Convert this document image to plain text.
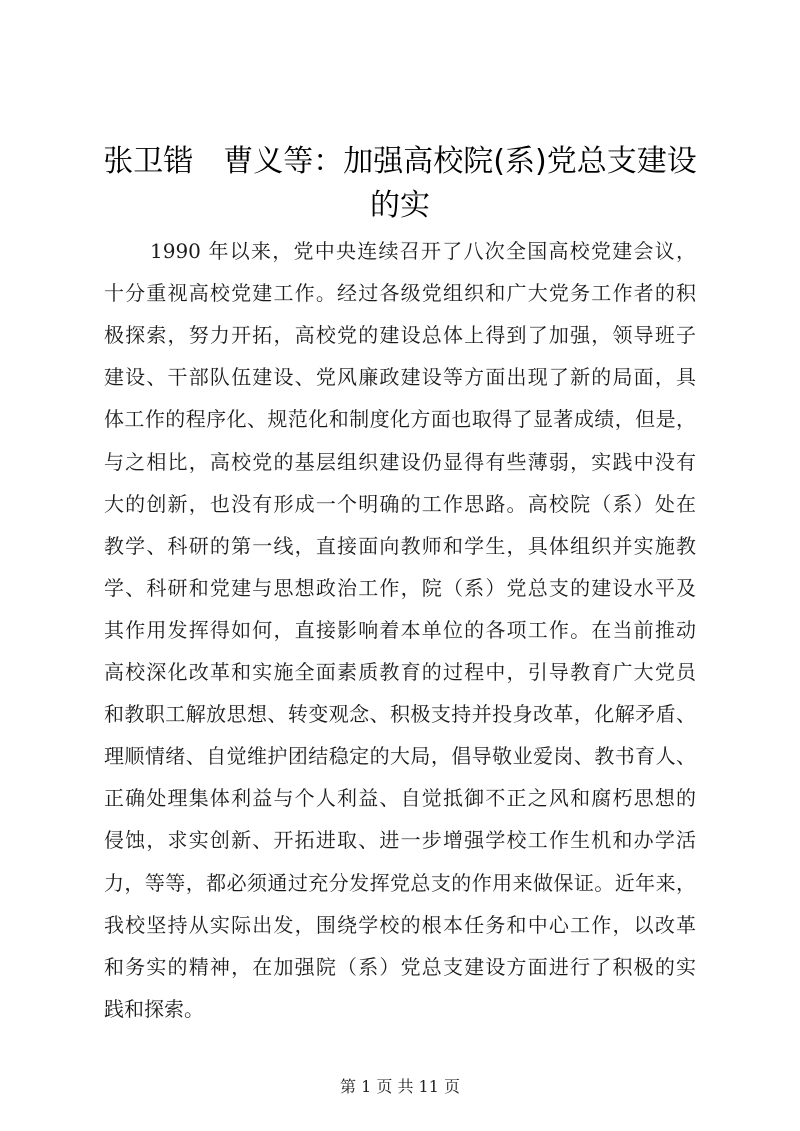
张卫锴　曹义等：加强高校院(系)党总支建设
的实
1990 年以来，党中央连续召开了八次全国高校党建会议，
十分重视高校党建工作。经过各级党组织和广大党务工作者的积
极探索，努力开拓，高校党的建设总体上得到了加强，领导班子
建设、干部队伍建设、党风廉政建设等方面出现了新的局面，具
体工作的程序化、规范化和制度化方面也取得了显著成绩，但是，
与之相比，高校党的基层组织建设仍显得有些薄弱，实践中没有
大的创新，也没有形成一个明确的工作思路。高校院（系）处在
教学、科研的第一线，直接面向教师和学生，具体组织并实施教
学、科研和党建与思想政治工作，院（系）党总支的建设水平及
其作用发挥得如何，直接影响着本单位的各项工作。在当前推动
高校深化改革和实施全面素质教育的过程中，引导教育广大党员
和教职工解放思想、转变观念、积极支持并投身改革，化解矛盾、
理顺情绪、自觉维护团结稳定的大局，倡导敬业爱岗、教书育人、
正确处理集体利益与个人利益、自觉抵御不正之风和腐朽思想的
侵蚀，求实创新、开拓进取、进一步增强学校工作生机和办学活
力，等等，都必须通过充分发挥党总支的作用来做保证。近年来，
我校坚持从实际出发，围绕学校的根本任务和中心工作，以改革
和务实的精神，在加强院（系）党总支建设方面进行了积极的实
践和探索。
第 1 页 共 11 页
